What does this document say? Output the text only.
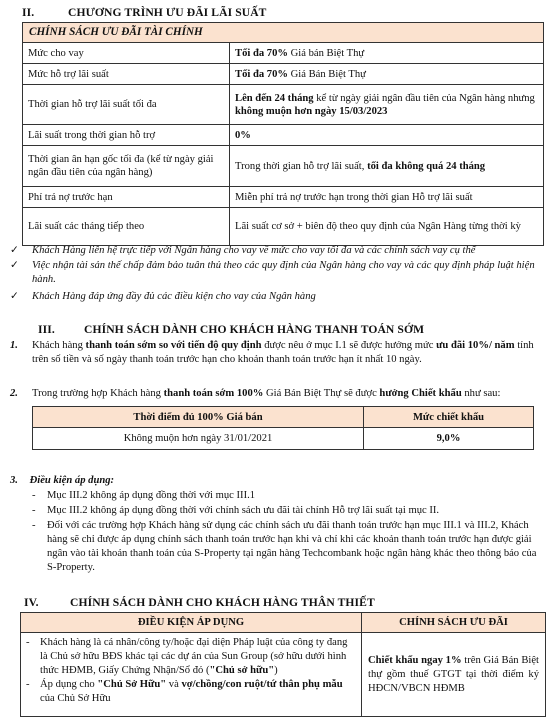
II.	CHƯƠNG TRÌNH ƯU ĐÃI LÃI SUẤT
CHÍNH SÁCH ƯU ĐÃI TÀI CHÍNH	
Mức cho vay	Tối đa 70% Giá bán Biệt Thự
Mức hỗ trợ lãi suất	Tối đa 70% Giá Bán Biệt Thự
Thời gian hỗ trợ lãi suất tối đa	Lên đến 24 tháng kể từ ngày giải ngân đầu tiên của Ngân hàng nhưng không muộn hơn ngày 15/03/2023
Lãi suất trong thời gian hỗ trợ	0%
Thời gian ân hạn gốc tối đa (kể từ ngày giải ngân đầu tiên của ngân hàng)	Trong thời gian hỗ trợ lãi suất, tối đa không quá 24 tháng
Phí trả nợ trước hạn	Miễn phí trả nợ trước hạn trong thời gian Hỗ trợ lãi suất
Lãi suất các tháng tiếp theo	Lãi suất cơ sở + biên độ theo quy định của Ngân Hàng từng thời kỳ
✓ Khách Hàng liên hệ trực tiếp với Ngân hàng cho vay về mức cho vay tối đa và các chính sách vay cụ thể
✓ Việc nhận tài sản thế chấp đảm bảo tuân thủ theo các quy định của Ngân hàng cho vay và các quy định pháp luật hiện hành.
✓ Khách Hàng đáp ứng đầy đủ các điều kiện cho vay của Ngân hàng
III.	CHÍNH SÁCH DÀNH CHO KHÁCH HÀNG THANH TOÁN SỚM
1. Khách hàng thanh toán sớm so với tiến độ quy định được nêu ở mục I.1 sẽ được hưởng mức ưu đãi 10%/ năm tính trên số tiền và số ngày thanh toán trước hạn cho khoản thanh toán trước hạn ít nhất 10 ngày.
2. Trong trường hợp Khách hàng thanh toán sớm 100% Giá Bán Biệt Thự sẽ được hưởng Chiết khấu như sau:
Thời điểm đủ 100% Giá bán	Mức chiết khấu
Không muộn hơn ngày 31/01/2021	9,0%
3. Điều kiện áp dụng:
- Mục III.2 không áp dụng đồng thời với mục III.1
- Mục III.2 không áp dụng đồng thời với chính sách ưu đãi tài chính Hỗ trợ lãi suất tại mục II.
- Đối với các trường hợp Khách hàng sử dụng các chính sách ưu đãi thanh toán trước hạn mục III.1 và III.2, Khách hàng sẽ chỉ được áp dụng chính sách thanh toán trước hạn khi và chỉ khi các khoản thanh toán trước hạn được giải ngân vào tài khoản thanh toán của S-Property tại ngân hàng Techcombank hoặc ngân hàng khác theo thông báo của S-Property.
IV.	CHÍNH SÁCH DÀNH CHO KHÁCH HÀNG THÂN THIẾT
ĐIỀU KIỆN ÁP DỤNG	CHÍNH SÁCH ƯU ĐÃI

- Khách hàng là cá nhân/công ty/hoặc đại diện Pháp luật của công ty đang là Chủ sở hữu BĐS khác tại các dự án của Sun Group (sở hữu dưới hình thức HĐMB, Giấy Chứng Nhận/Sổ đỏ ("Chủ sở hữu")
- Áp dụng cho "Chủ Sở Hữu" và vợ/chồng/con ruột/tứ thân phụ mẫu của Chủ Sở Hữu	Chiết khấu ngay 1% trên Giá Bán Biệt thự gồm thuế GTGT tại thời điểm ký HĐCN/VBCN HĐMB
